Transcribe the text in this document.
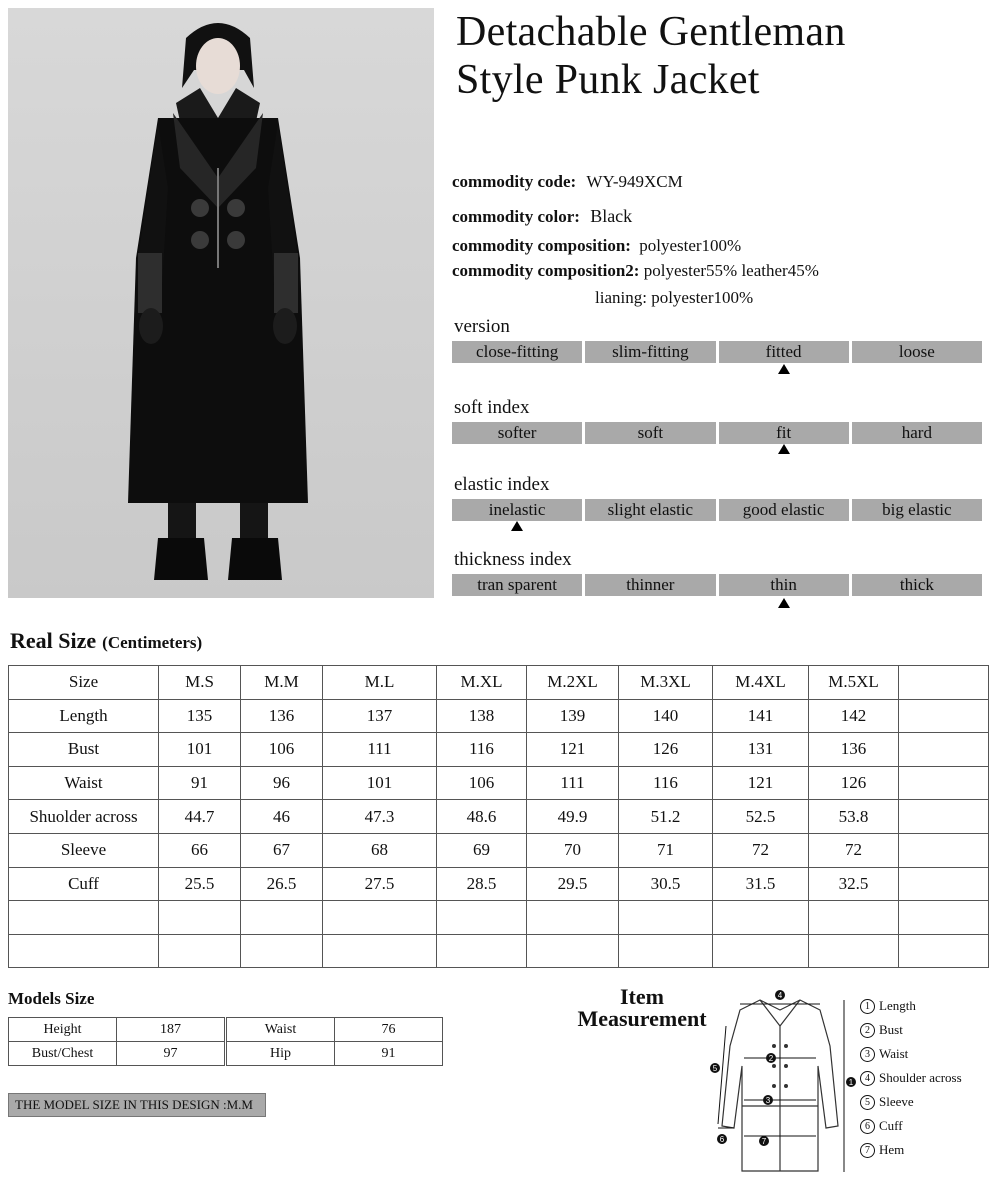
Detachable Gentleman
Style Punk Jacket
commodity code: WY-949XCM
commodity color: Black
commodity composition: polyester100%
commodity composition2: polyester55% leather45%
lianing: polyester100%
version
close-fitting	slim-fitting	fitted	loose
soft index
softer	soft	fit	hard
elastic index
inelastic	slight elastic	good elastic	big elastic
thickness index
tran sparent	thinner	thin	thick
Real Size (Centimeters)
Size	M.S	M.M	M.L	M.XL	M.2XL	M.3XL	M.4XL	M.5XL	
Length	135	136	137	138	139	140	141	142	
Bust	101	106	111	116	121	126	131	136	
Waist	91	96	101	106	111	116	121	126	
Shuolder across	44.7	46	47.3	48.6	49.9	51.2	52.5	53.8	
Sleeve	66	67	68	69	70	71	72	72	
Cuff	25.5	26.5	27.5	28.5	29.5	30.5	31.5	32.5	

Models Size
Height	187
Bust/Chest	97
Waist	76
Hip	91
THE MODEL SIZE IN THIS DESIGN :M.M
Item
Measurement
4
2
3
5
6	7
1
1 Length
2 Bust
3 Waist
4 Shoulder across
5 Sleeve
6 Cuff
7 Hem
